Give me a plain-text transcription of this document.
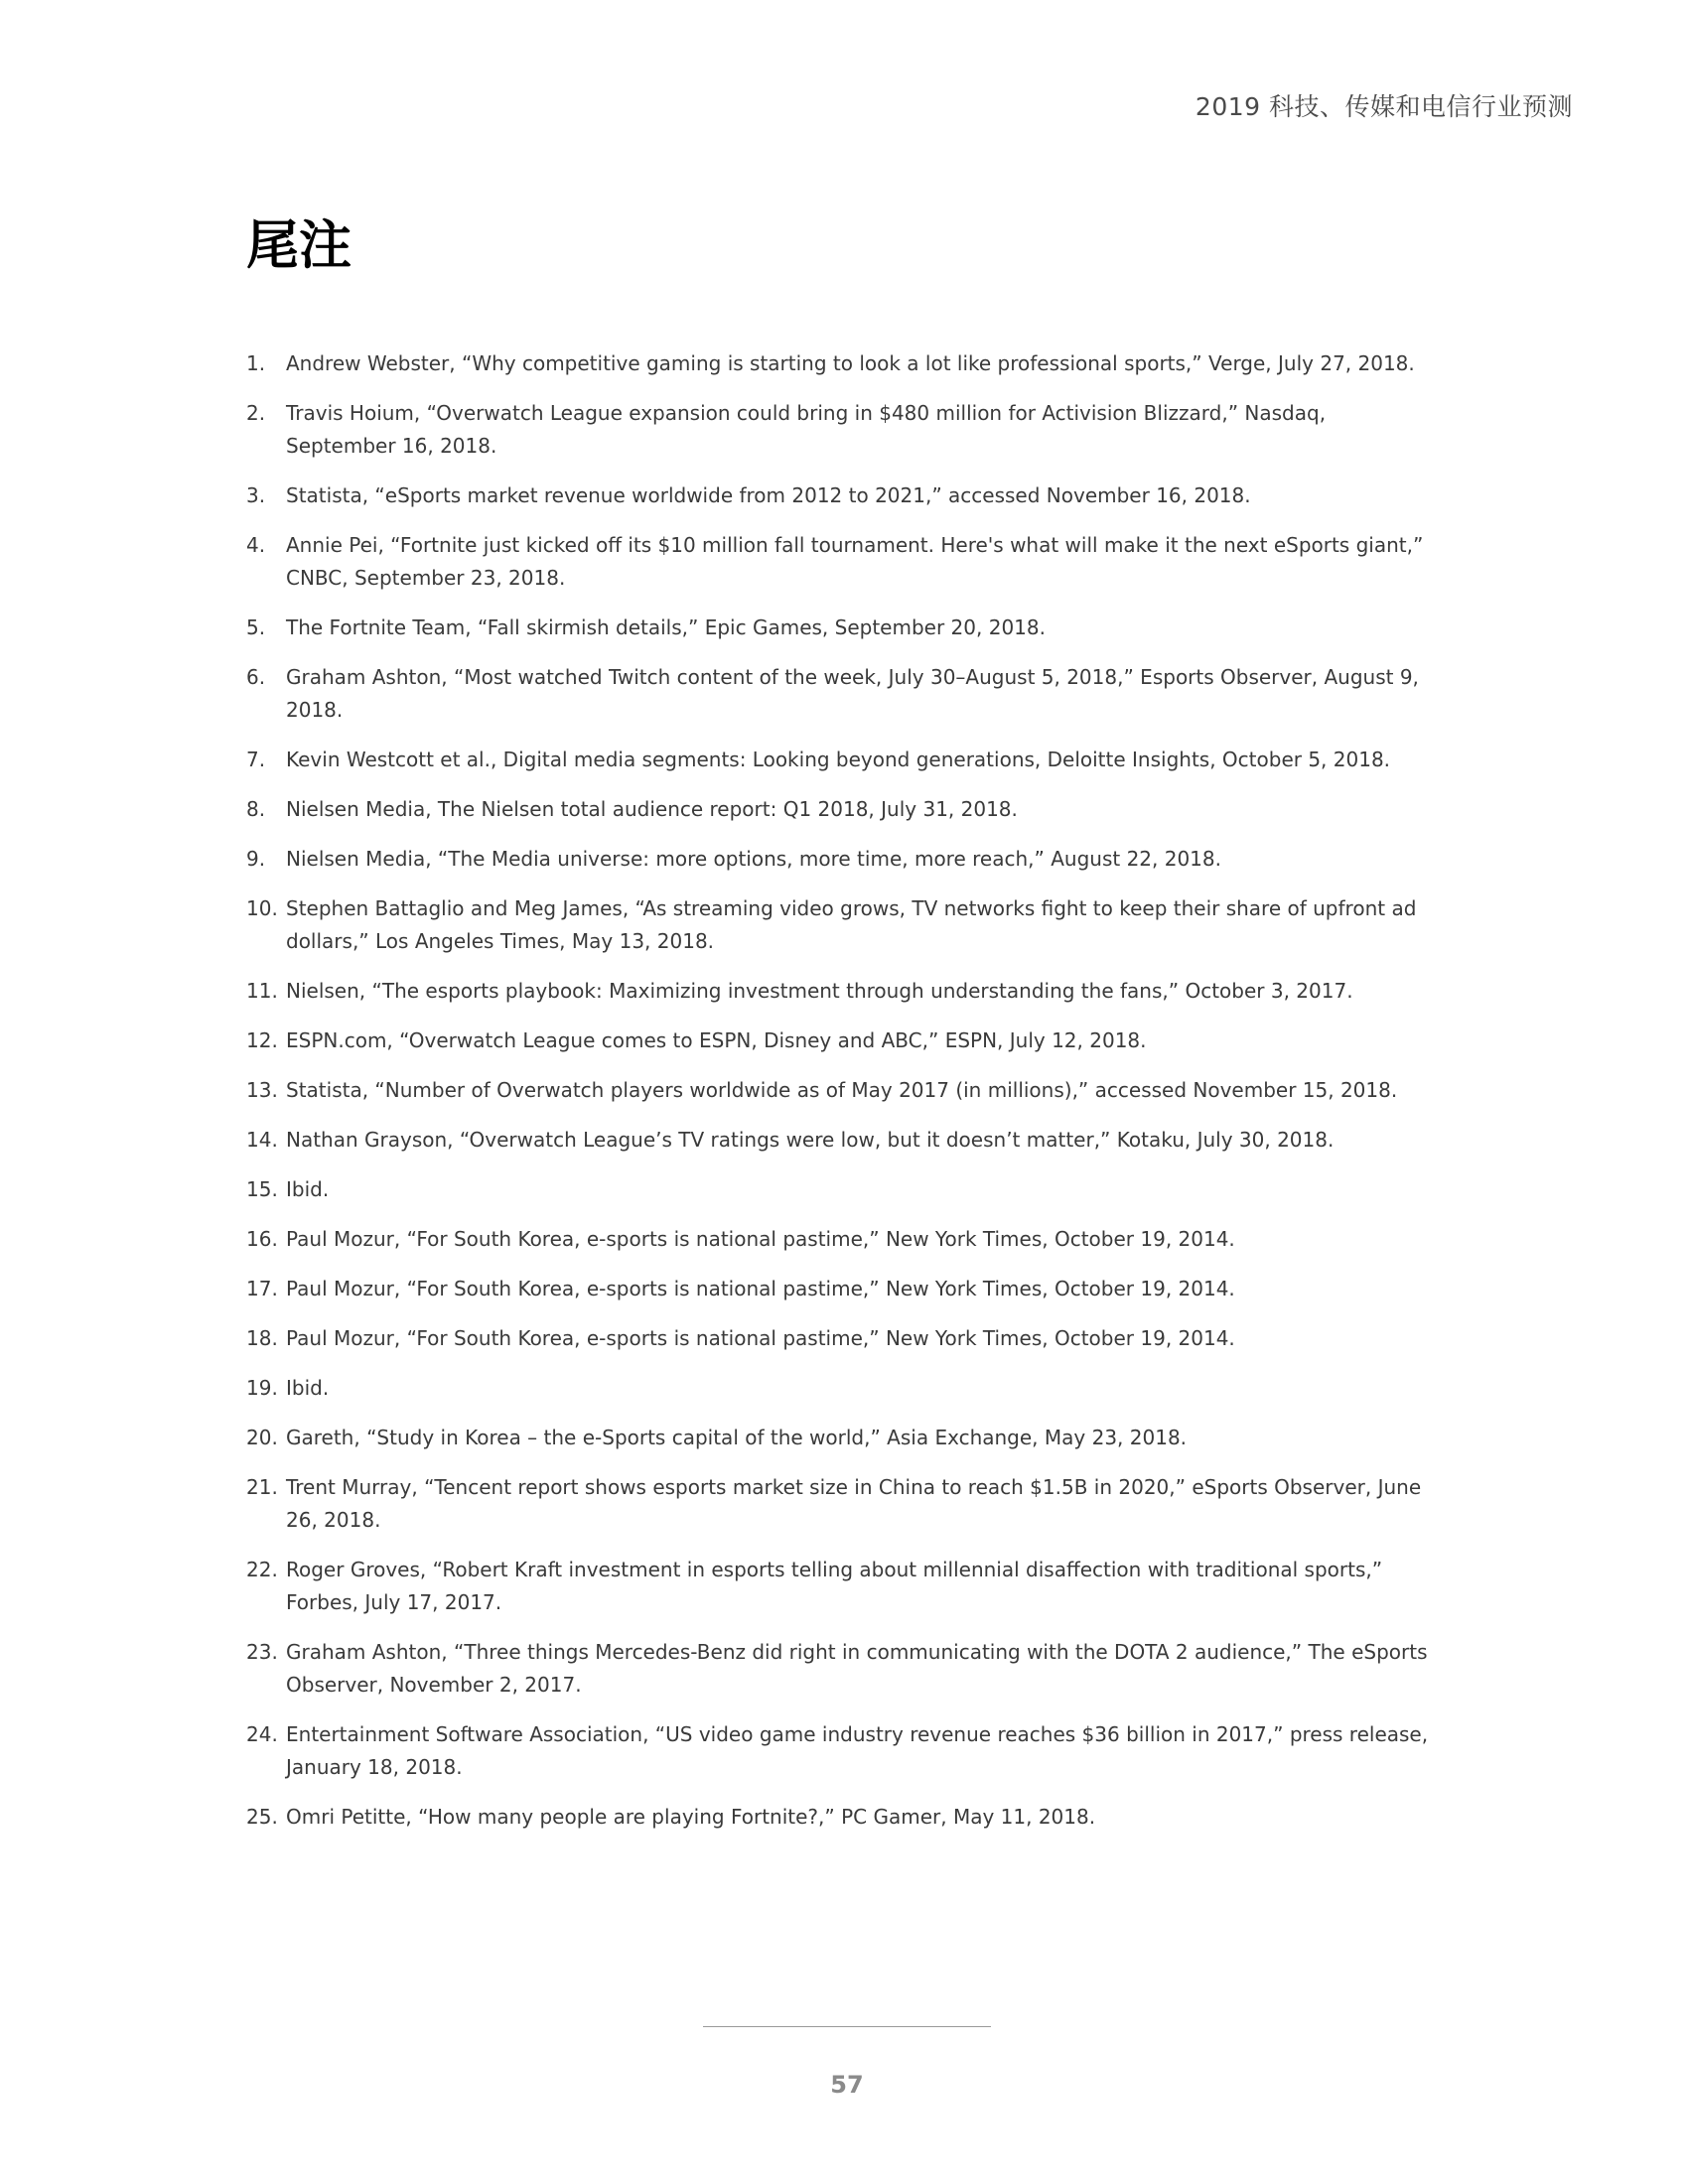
2019 科技、传媒和电信行业预测
尾注
1. Andrew Webster, “Why competitive gaming is starting to look a lot like professional sports,” Verge, July 27, 2018.
2. Travis Hoium, “Overwatch League expansion could bring in $480 million for Activision Blizzard,” Nasdaq, September 16, 2018.
3. Statista, “eSports market revenue worldwide from 2012 to 2021,” accessed November 16, 2018.
4. Annie Pei, “Fortnite just kicked off its $10 million fall tournament. Here's what will make it the next eSports giant,” CNBC, September 23, 2018.
5. The Fortnite Team, “Fall skirmish details,” Epic Games, September 20, 2018.
6. Graham Ashton, “Most watched Twitch content of the week, July 30–August 5, 2018,” Esports Observer, August 9, 2018.
7. Kevin Westcott et al., Digital media segments: Looking beyond generations, Deloitte Insights, October 5, 2018.
8. Nielsen Media, The Nielsen total audience report: Q1 2018, July 31, 2018.
9. Nielsen Media, “The Media universe: more options, more time, more reach,” August 22, 2018.
10. Stephen Battaglio and Meg James, “As streaming video grows, TV networks fight to keep their share of upfront ad dollars,” Los Angeles Times, May 13, 2018.
11. Nielsen, “The esports playbook: Maximizing investment through understanding the fans,” October 3, 2017.
12. ESPN.com, “Overwatch League comes to ESPN, Disney and ABC,” ESPN, July 12, 2018.
13. Statista, “Number of Overwatch players worldwide as of May 2017 (in millions),” accessed November 15, 2018.
14. Nathan Grayson, “Overwatch League’s TV ratings were low, but it doesn’t matter,” Kotaku, July 30, 2018.
15. Ibid.
16. Paul Mozur, “For South Korea, e-sports is national pastime,” New York Times, October 19, 2014.
17. Paul Mozur, “For South Korea, e-sports is national pastime,” New York Times, October 19, 2014.
18. Paul Mozur, “For South Korea, e-sports is national pastime,” New York Times, October 19, 2014.
19. Ibid.
20. Gareth, “Study in Korea – the e-Sports capital of the world,” Asia Exchange, May 23, 2018.
21. Trent Murray, “Tencent report shows esports market size in China to reach $1.5B in 2020,” eSports Observer, June 26, 2018.
22. Roger Groves, “Robert Kraft investment in esports telling about millennial disaffection with traditional sports,” Forbes, July 17, 2017.
23. Graham Ashton, “Three things Mercedes-Benz did right in communicating with the DOTA 2 audience,” The eSports Observer, November 2, 2017.
24. Entertainment Software Association, “US video game industry revenue reaches $36 billion in 2017,” press release, January 18, 2018.
25. Omri Petitte, “How many people are playing Fortnite?,” PC Gamer, May 11, 2018.
57
